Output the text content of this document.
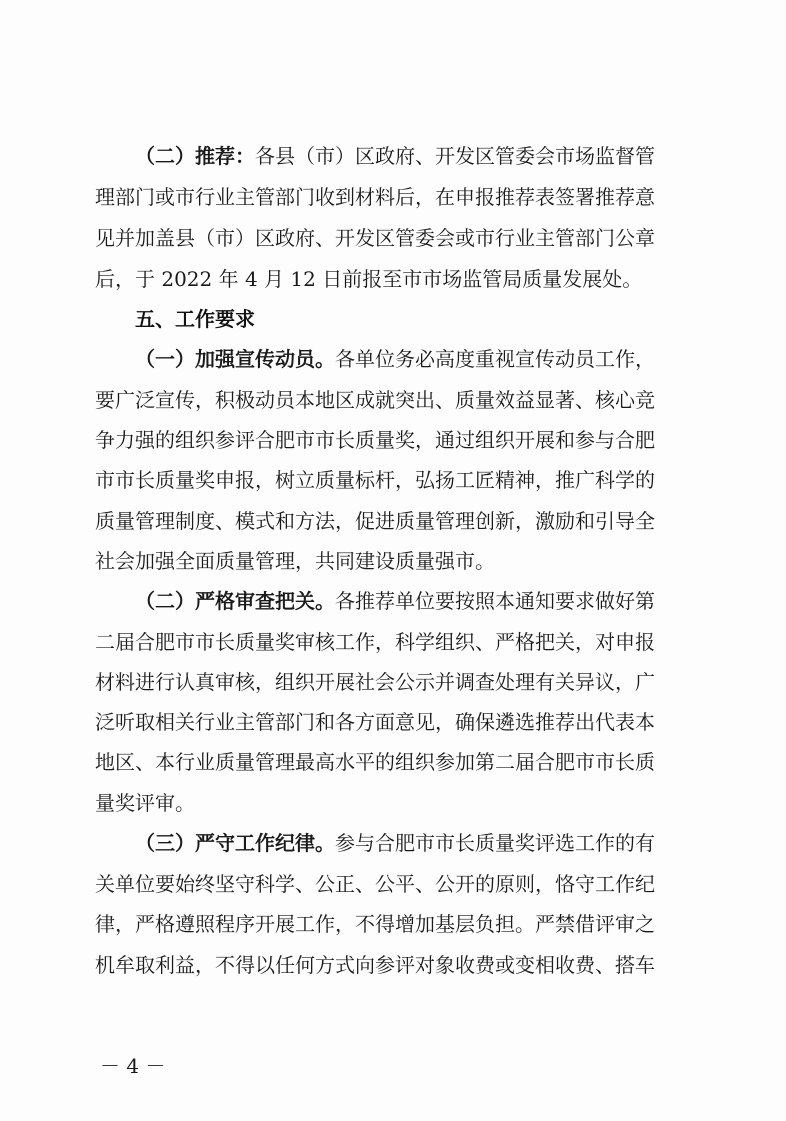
（二）推荐：各县（市）区政府、开发区管委会市场监督管
理部门或市行业主管部门收到材料后，在申报推荐表签署推荐意
见并加盖县（市）区政府、开发区管委会或市行业主管部门公章
后，于 2022 年 4 月 12 日前报至市市场监管局质量发展处。
五、工作要求
（一）加强宣传动员。各单位务必高度重视宣传动员工作，
要广泛宣传，积极动员本地区成就突出、质量效益显著、核心竞
争力强的组织参评合肥市市长质量奖，通过组织开展和参与合肥
市市长质量奖申报，树立质量标杆，弘扬工匠精神，推广科学的
质量管理制度、模式和方法，促进质量管理创新，激励和引导全
社会加强全面质量管理，共同建设质量强市。
（二）严格审查把关。各推荐单位要按照本通知要求做好第
二届合肥市市长质量奖审核工作，科学组织、严格把关，对申报
材料进行认真审核，组织开展社会公示并调查处理有关异议，广
泛听取相关行业主管部门和各方面意见，确保遴选推荐出代表本
地区、本行业质量管理最高水平的组织参加第二届合肥市市长质
量奖评审。
（三）严守工作纪律。参与合肥市市长质量奖评选工作的有
关单位要始终坚守科学、公正、公平、公开的原则，恪守工作纪
律，严格遵照程序开展工作，不得增加基层负担。严禁借评审之
机牟取利益，不得以任何方式向参评对象收费或变相收费、搭车
－ 4 －
